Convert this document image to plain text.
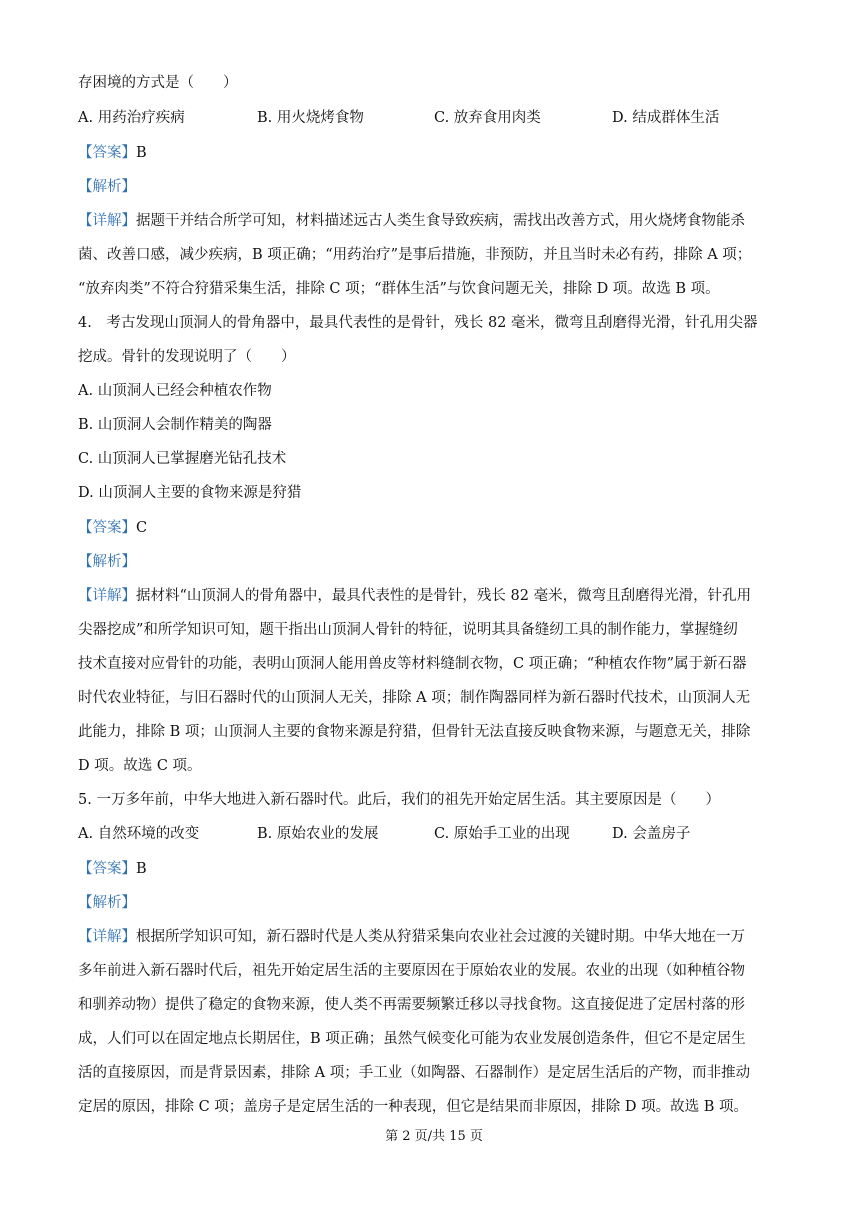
存困境的方式是（　　）
A. 用药治疗疾病	B. 用火烧烤食物	C. 放弃食用肉类	D. 结成群体生活
【答案】B
【解析】
【详解】据题干并结合所学可知，材料描述远古人类生食导致疾病，需找出改善方式，用火烧烤食物能杀
菌、改善口感，减少疾病，B 项正确；“用药治疗”是事后措施，非预防，并且当时未必有药，排除 A 项；
“放弃肉类”不符合狩猎采集生活，排除 C 项；“群体生活”与饮食问题无关，排除 D 项。故选 B 项。
4.　考古发现山顶洞人的骨角器中，最具代表性的是骨针，残长 82 毫米，微弯且刮磨得光滑，针孔用尖器
挖成。骨针的发现说明了（　　）
A. 山顶洞人已经会种植农作物
B. 山顶洞人会制作精美的陶器
C. 山顶洞人已掌握磨光钻孔技术
D. 山顶洞人主要的食物来源是狩猎
【答案】C
【解析】
【详解】据材料“山顶洞人的骨角器中，最具代表性的是骨针，残长 82 毫米，微弯且刮磨得光滑，针孔用
尖器挖成”和所学知识可知，题干指出山顶洞人骨针的特征，说明其具备缝纫工具的制作能力，掌握缝纫
技术直接对应骨针的功能，表明山顶洞人能用兽皮等材料缝制衣物，C 项正确；“种植农作物”属于新石器
时代农业特征，与旧石器时代的山顶洞人无关，排除 A 项；制作陶器同样为新石器时代技术，山顶洞人无
此能力，排除 B 项；山顶洞人主要的食物来源是狩猎，但骨针无法直接反映食物来源，与题意无关，排除
D 项。故选 C 项。
5. 一万多年前，中华大地进入新石器时代。此后，我们的祖先开始定居生活。其主要原因是（　　）
A. 自然环境的改变	B. 原始农业的发展	C. 原始手工业的出现	D. 会盖房子
【答案】B
【解析】
【详解】根据所学知识可知，新石器时代是人类从狩猎采集向农业社会过渡的关键时期。中华大地在一万
多年前进入新石器时代后，祖先开始定居生活的主要原因在于原始农业的发展。农业的出现（如种植谷物
和驯养动物）提供了稳定的食物来源，使人类不再需要频繁迁移以寻找食物。这直接促进了定居村落的形
成，人们可以在固定地点长期居住，B 项正确；虽然气候变化可能为农业发展创造条件，但它不是定居生
活的直接原因，而是背景因素，排除 A 项；手工业（如陶器、石器制作）是定居生活后的产物，而非推动
定居的原因，排除 C 项；盖房子是定居生活的一种表现，但它是结果而非原因，排除 D 项。故选 B 项。
第 2 页/共 15 页
